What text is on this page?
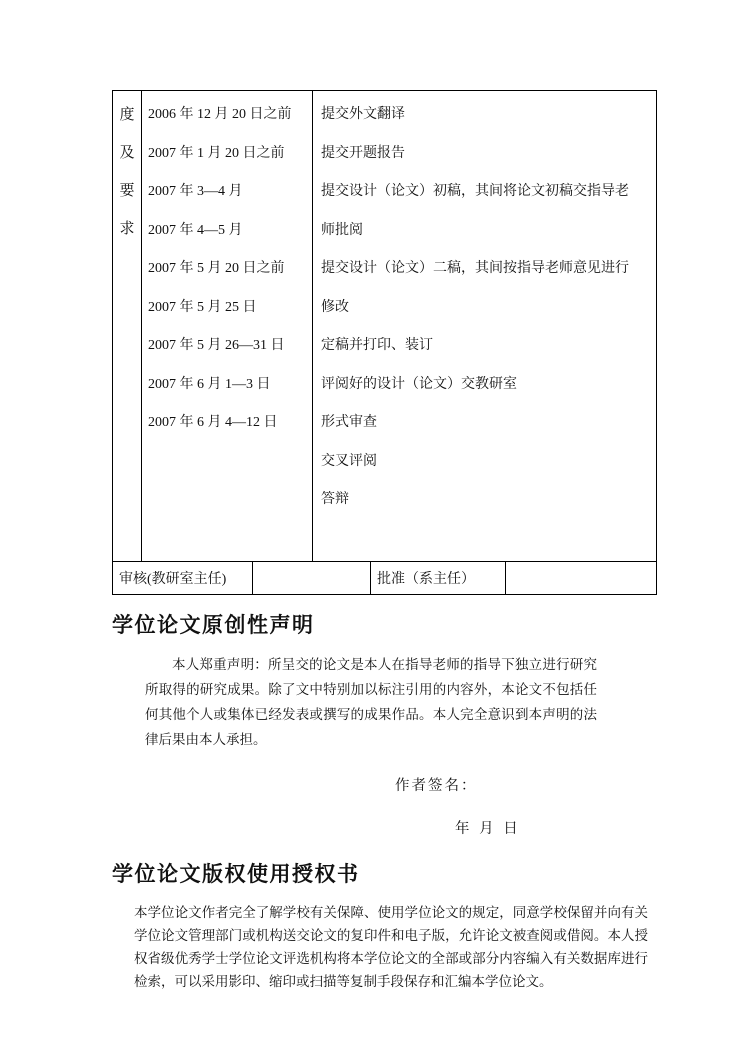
度
及
要
求
2006 年 12 月 20 日之前
2007 年 1 月 20 日之前
2007 年 3—4 月
2007 年 4—5 月
2007 年 5 月 20 日之前
2007 年 5 月 25 日
2007 年 5 月 26—31 日
2007 年 6 月 1—3 日
2007 年 6 月 4—12 日
提交外文翻译
提交开题报告
提交设计（论文）初稿，其间将论文初稿交指导老
师批阅
提交设计（论文）二稿，其间按指导老师意见进行
修改
定稿并打印、装订
评阅好的设计（论文）交教研室
形式审查
交叉评阅
答辩
审核(教研室主任)	批准（系主任）
学位论文原创性声明

本人郑重声明：所呈交的论文是本人在指导老师的指导下独立进行研究所取得的研究成果。除了文中特别加以标注引用的内容外，本论文不包括任何其他个人或集体已经发表或撰写的成果作品。本人完全意识到本声明的法律后果由本人承担。

作者签名：
年 月 日
学位论文版权使用授权书

本学位论文作者完全了解学校有关保障、使用学位论文的规定，同意学校保留并向有关学位论文管理部门或机构送交论文的复印件和电子版，允许论文被查阅或借阅。本人授权省级优秀学士学位论文评选机构将本学位论文的全部或部分内容编入有关数据库进行检索，可以采用影印、缩印或扫描等复制手段保存和汇编本学位论文。
